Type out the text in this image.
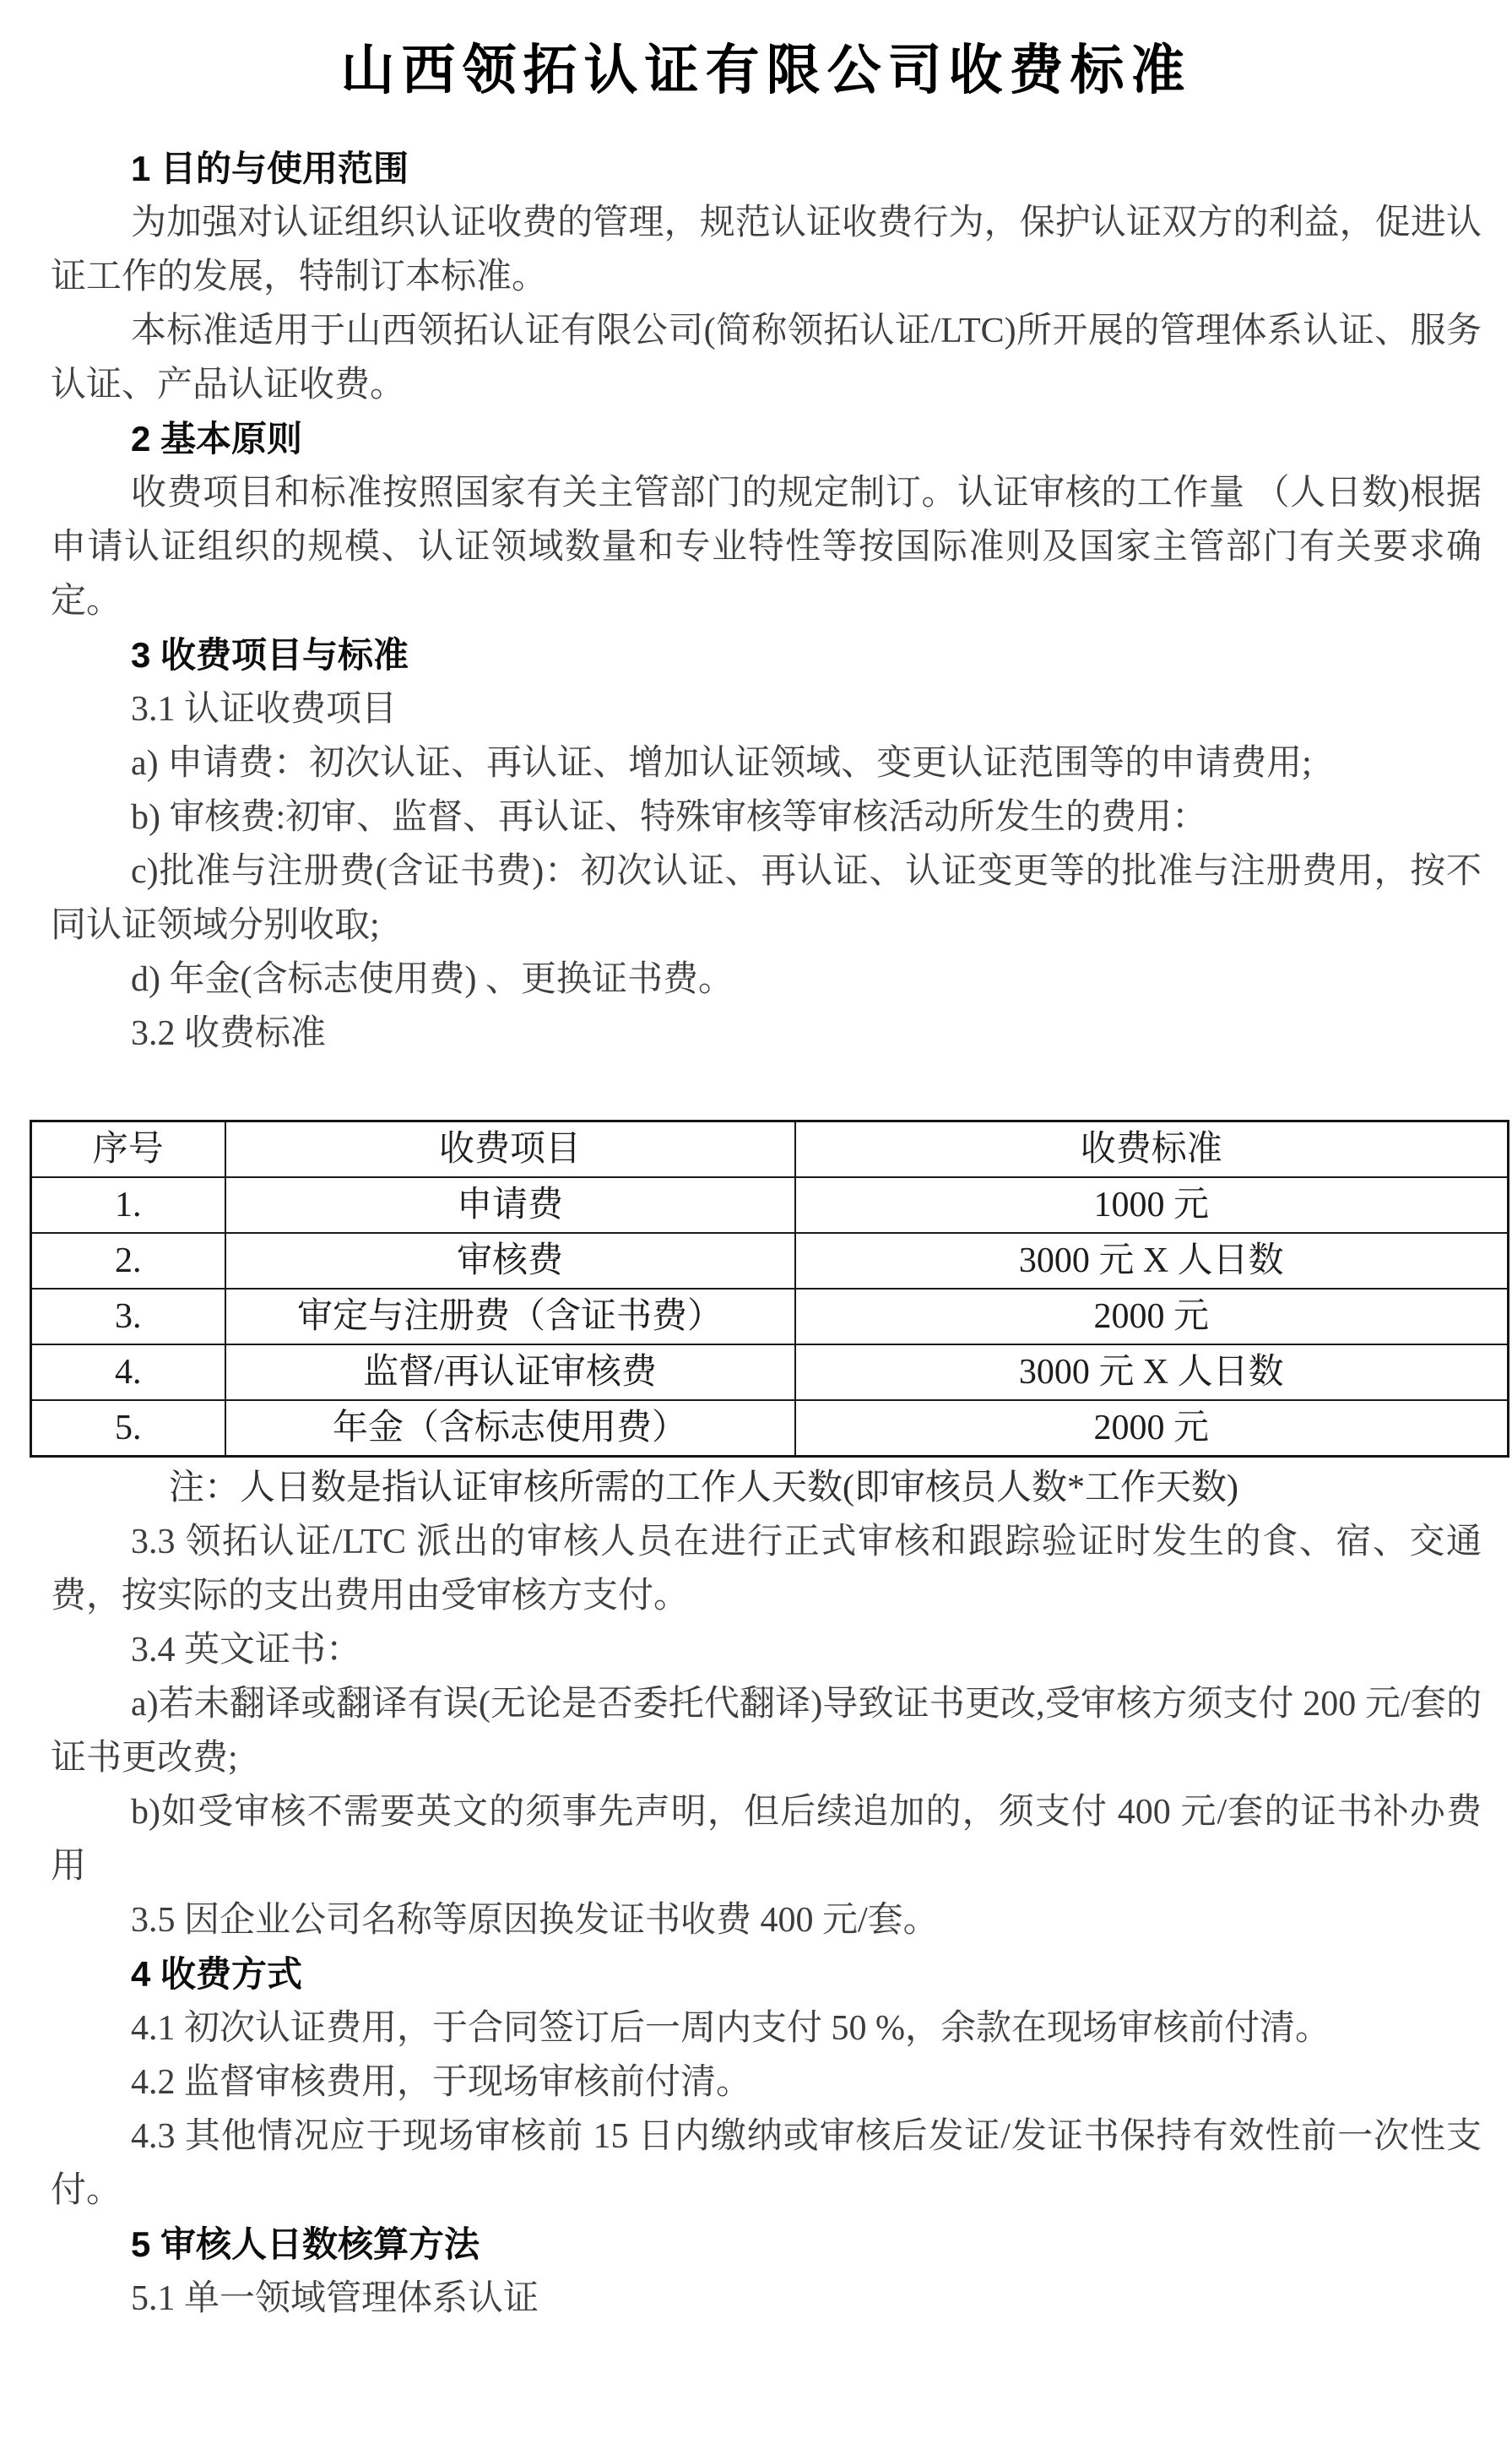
山西领拓认证有限公司收费标准

1 目的与使用范围

为加强对认证组织认证收费的管理，规范认证收费行为，保护认证双方的利益，促进认证工作的发展，特制订本标准。

本标准适用于山西领拓认证有限公司(简称领拓认证/LTC)所开展的管理体系认证、服务认证、产品认证收费。

2 基本原则

收费项目和标准按照国家有关主管部门的规定制订。认证审核的工作量 （人日数)根据申请认证组织的规模、认证领域数量和专业特性等按国际准则及国家主管部门有关要求确定。

3 收费项目与标准

3.1 认证收费项目

a) 申请费：初次认证、再认证、增加认证领域、变更认证范围等的申请费用;

b) 审核费:初审、监督、再认证、特殊审核等审核活动所发生的费用：

c)批准与注册费(含证书费)：初次认证、再认证、认证变更等的批准与注册费用，按不同认证领域分别收取;

d) 年金(含标志使用费) 、更换证书费。

3.2 收费标准

序号	收费项目	收费标准
1.	申请费	1000 元
2.	审核费	3000 元 X 人日数
3.	审定与注册费（含证书费）	2000 元
4.	监督/再认证审核费	3000 元 X 人日数
5.	年金（含标志使用费）	2000 元

注：人日数是指认证审核所需的工作人天数(即审核员人数*工作天数)

3.3 领拓认证/LTC 派出的审核人员在进行正式审核和跟踪验证时发生的食、宿、交通费，按实际的支出费用由受审核方支付。

3.4 英文证书：

a)若未翻译或翻译有误(无论是否委托代翻译)导致证书更改,受审核方须支付 200 元/套的证书更改费;

b)如受审核不需要英文的须事先声明，但后续追加的，须支付 400 元/套的证书补办费用

3.5 因企业公司名称等原因换发证书收费 400 元/套。

4 收费方式

4.1 初次认证费用，于合同签订后一周内支付 50 %，余款在现场审核前付清。

4.2 监督审核费用，于现场审核前付清。

4.3 其他情况应于现场审核前 15 日内缴纳或审核后发证/发证书保持有效性前一次性支付。

5 审核人日数核算方法

5.1 单一领域管理体系认证
